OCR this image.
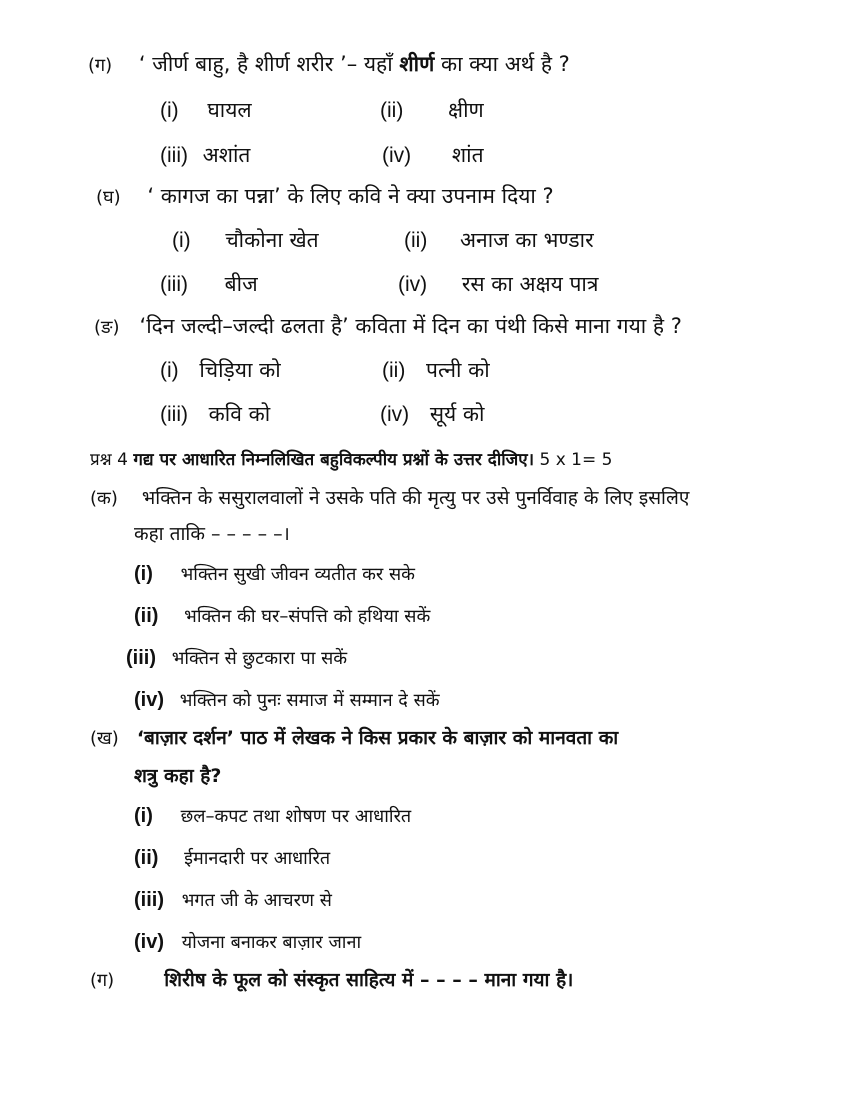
(ग) ‘ जीर्ण बाहु, है शीर्ण शरीर ’– यहाँ शीर्ण का क्या अर्थ है ?
(i) घायल	(ii) क्षीण
(iii) अशांत	(iv) शांत
(घ) ‘ कागज का पन्ना’ के लिए कवि ने क्या उपनाम दिया ?
(i) चौकोना खेत	(ii) अनाज का भण्डार
(iii) बीज	(iv) रस का अक्षय पात्र
(ङ) ‘दिन जल्दी–जल्दी ढलता है’ कविता में दिन का पंथी किसे माना गया है ?
(i) चिड़िया को	(ii) पत्नी को
(iii) कवि को	(iv) सूर्य को
प्रश्न 4 गद्य पर आधारित निम्नलिखित बहुविकल्पीय प्रश्नों के उत्तर दीजिए। 5 x 1= 5
(क) भक्तिन के ससुरालवालों ने उसके पति की मृत्यु पर उसे पुनर्विवाह के लिए इसलिए
कहा ताकि – – – – –।
(i) भक्तिन सुखी जीवन व्यतीत कर सके
(ii) भक्तिन की घर–संपत्ति को हथिया सकें
(iii) भक्तिन से छुटकारा पा सकें
(iv) भक्तिन को पुनः समाज में सम्मान दे सकें
(ख) ‘बाज़ार दर्शन’ पाठ में लेखक ने किस प्रकार के बाज़ार को मानवता का
शत्रु कहा है?
(i) छल–कपट तथा शोषण पर आधारित
(ii) ईमानदारी पर आधारित
(iii) भगत जी के आचरण से
(iv) योजना बनाकर बाज़ार जाना
(ग)	शिरीष के फूल को संस्कृत साहित्य में – – – – माना गया है।
